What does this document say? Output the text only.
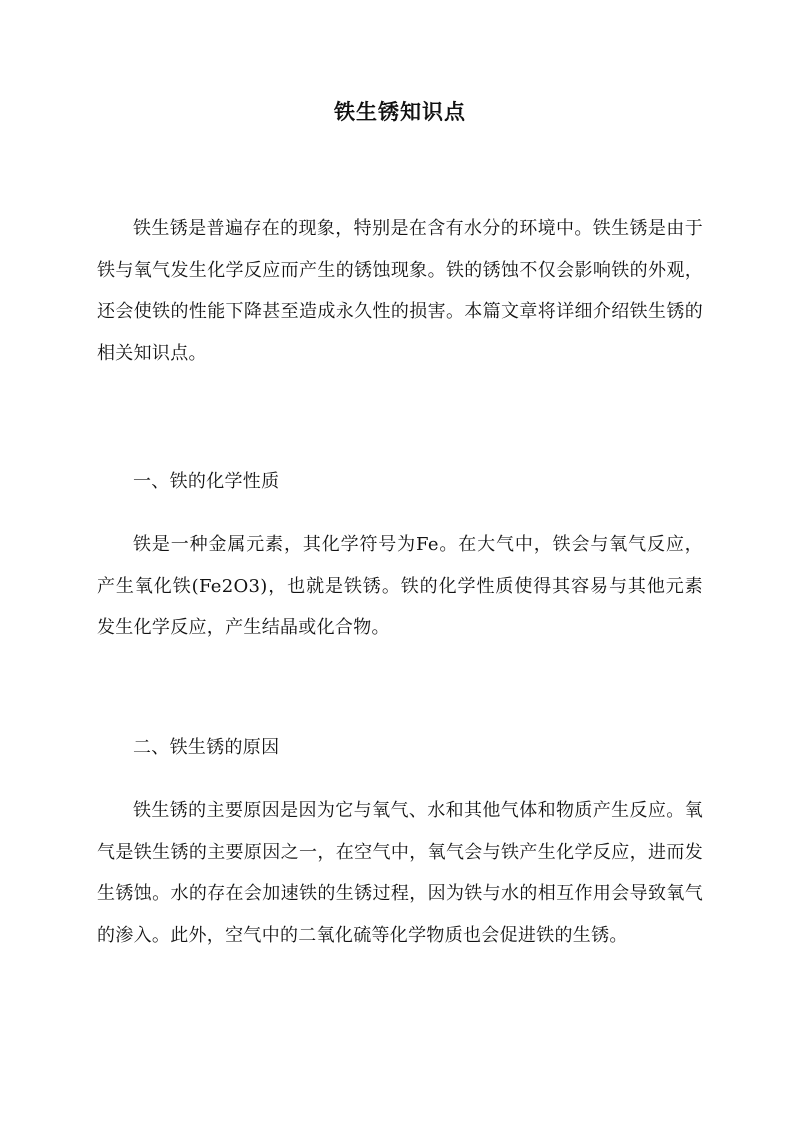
铁生锈知识点

铁生锈是普遍存在的现象，特别是在含有水分的环境中。铁生锈是由于铁与氧气发生化学反应而产生的锈蚀现象。铁的锈蚀不仅会影响铁的外观，还会使铁的性能下降甚至造成永久性的损害。本篇文章将详细介绍铁生锈的相关知识点。

一、铁的化学性质

铁是一种金属元素，其化学符号为Fe。在大气中，铁会与氧气反应，产生氧化铁(Fe2O3)，也就是铁锈。铁的化学性质使得其容易与其他元素发生化学反应，产生结晶或化合物。

二、铁生锈的原因

铁生锈的主要原因是因为它与氧气、水和其他气体和物质产生反应。氧气是铁生锈的主要原因之一，在空气中，氧气会与铁产生化学反应，进而发生锈蚀。水的存在会加速铁的生锈过程，因为铁与水的相互作用会导致氧气的渗入。此外，空气中的二氧化硫等化学物质也会促进铁的生锈。
